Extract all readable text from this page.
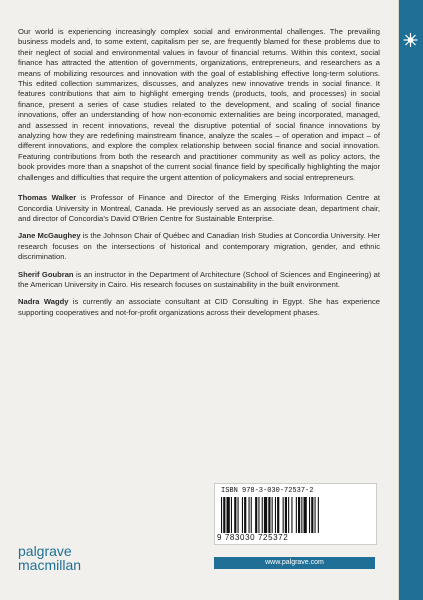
Our world is experiencing increasingly complex social and environmental challenges. The prevailing business models and, to some extent, capitalism per se, are frequently blamed for these problems due to their neglect of social and environmental values in favour of financial returns. Within this context, social finance has attracted the attention of governments, organizations, entrepreneurs, and researchers as a means of mobilizing resources and innovation with the goal of establishing effective long-term solutions. This edited collection summarizes, discusses, and analyzes new innovative trends in social finance. It features contributions that aim to highlight emerging trends (products, tools, and processes) in social finance, present a series of case studies related to the development, and scaling of social finance innovations, offer an understanding of how non-economic externalities are being incorporated, managed, and assessed in recent innovations, reveal the disruptive potential of social finance innovations by analyzing how they are redefining mainstream finance, analyze the scales – of operation and impact – of different innovations, and explore the complex relationship between social finance and social innovation. Featuring contributions from both the research and practitioner community as well as policy actors, the book provides more than a snapshot of the current social finance field by specifically highlighting the major challenges and difficulties that require the urgent attention of policymakers and social entrepreneurs.

Thomas Walker is Professor of Finance and Director of the Emerging Risks Information Centre at Concordia University in Montreal, Canada. He previously served as an associate dean, department chair, and director of Concordia’s David O’Brien Centre for Sustainable Enterprise.

Jane McGaughey is the Johnson Chair of Québec and Canadian Irish Studies at Concordia University. Her research focuses on the intersections of historical and contemporary migration, gender, and ethnic discrimination.

Sherif Goubran is an instructor in the Department of Architecture (School of Sciences and Engineering) at the American University in Cairo. His research focuses on sustainability in the built environment.

Nadra Wagdy is currently an associate consultant at CID Consulting in Egypt. She has experience supporting cooperatives and not-for-profit organizations across their development phases.

ISBN 978-3-030-72537-2
9 783030 725372
www.palgrave.com
palgrave
macmillan
